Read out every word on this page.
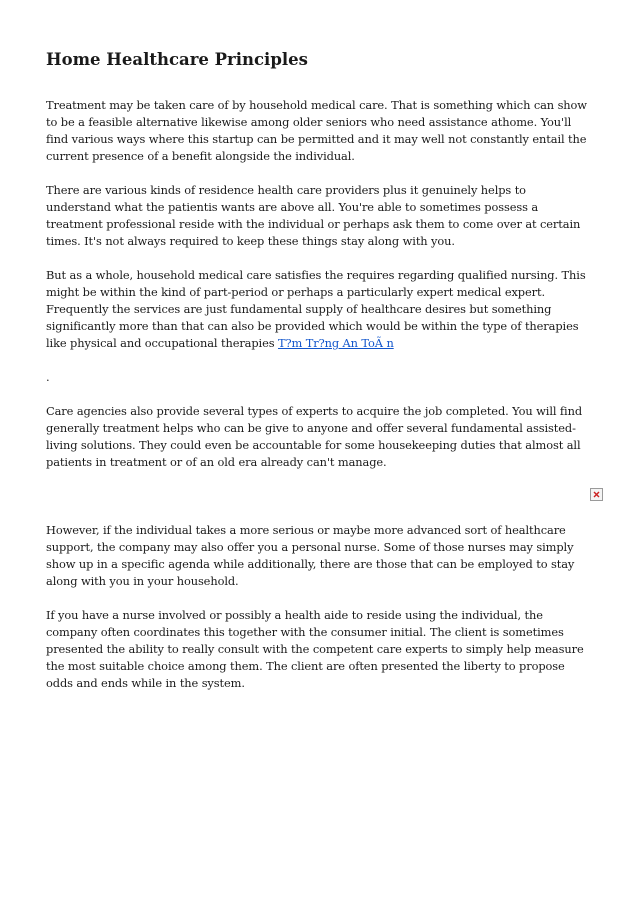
Home Healthcare Principles

Treatment may be taken care of by household medical care. That is something which can show to be a feasible alternative likewise among older seniors who need assistance athome. You'll find various ways where this startup can be permitted and it may well not constantly entail the current presence of a benefit alongside the individual.

There are various kinds of residence health care providers plus it genuinely helps to understand what the patientis wants are above all. You're able to sometimes possess a treatment professional reside with the individual or perhaps ask them to come over at certain times. It's not always required to keep these things stay along with you.

But as a whole, household medical care satisfies the requires regarding qualified nursing. This might be within the kind of part-period or perhaps a particularly expert medical expert. Frequently the services are just fundamental supply of healthcare desires but something significantly more than that can also be provided which would be within the type of therapies like physical and occupational therapies T?m Tr?ng An ToÃ n

.

Care agencies also provide several types of experts to acquire the job completed. You will find generally treatment helps who can be give to anyone and offer several fundamental assisted-living solutions. They could even be accountable for some housekeeping duties that almost all patients in treatment or of an old era already can't manage.

However, if the individual takes a more serious or maybe more advanced sort of healthcare support, the company may also offer you a personal nurse. Some of those nurses may simply show up in a specific agenda while additionally, there are those that can be employed to stay along with you in your household.

If you have a nurse involved or possibly a health aide to reside using the individual, the company often coordinates this together with the consumer initial. The client is sometimes presented the ability to really consult with the competent care experts to simply help measure the most suitable choice among them. The client are often presented the liberty to propose odds and ends while in the system.
